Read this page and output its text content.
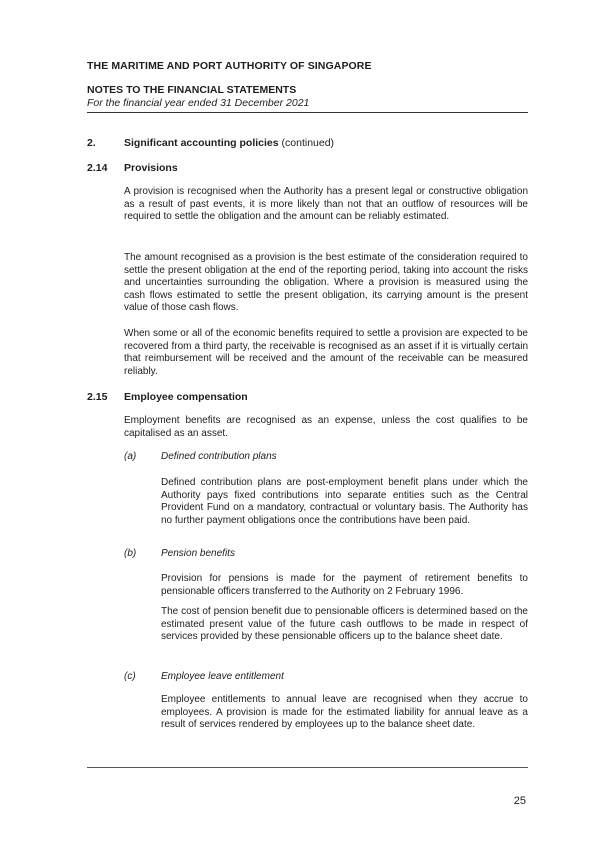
THE MARITIME AND PORT AUTHORITY OF SINGAPORE
NOTES TO THE FINANCIAL STATEMENTS
For the financial year ended 31 December 2021
2.	Significant accounting policies (continued)
2.14 Provisions

A provision is recognised when the Authority has a present legal or constructive obligation as a result of past events, it is more likely than not that an outflow of resources will be required to settle the obligation and the amount can be reliably estimated.

The amount recognised as a provision is the best estimate of the consideration required to settle the present obligation at the end of the reporting period, taking into account the risks and uncertainties surrounding the obligation. Where a provision is measured using the cash flows estimated to settle the present obligation, its carrying amount is the present value of those cash flows.

When some or all of the economic benefits required to settle a provision are expected to be recovered from a third party, the receivable is recognised as an asset if it is virtually certain that reimbursement will be received and the amount of the receivable can be measured reliably.

2.15 Employee compensation

Employment benefits are recognised as an expense, unless the cost qualifies to be capitalised as an asset.

(a) Defined contribution plans

Defined contribution plans are post-employment benefit plans under which the Authority pays fixed contributions into separate entities such as the Central Provident Fund on a mandatory, contractual or voluntary basis. The Authority has no further payment obligations once the contributions have been paid.

(b) Pension benefits

Provision for pensions is made for the payment of retirement benefits to pensionable officers transferred to the Authority on 2 February 1996.

The cost of pension benefit due to pensionable officers is determined based on the estimated present value of the future cash outflows to be made in respect of services provided by these pensionable officers up to the balance sheet date.

(c)	Employee leave entitlement

Employee entitlements to annual leave are recognised when they accrue to employees. A provision is made for the estimated liability for annual leave as a result of services rendered by employees up to the balance sheet date.

25
